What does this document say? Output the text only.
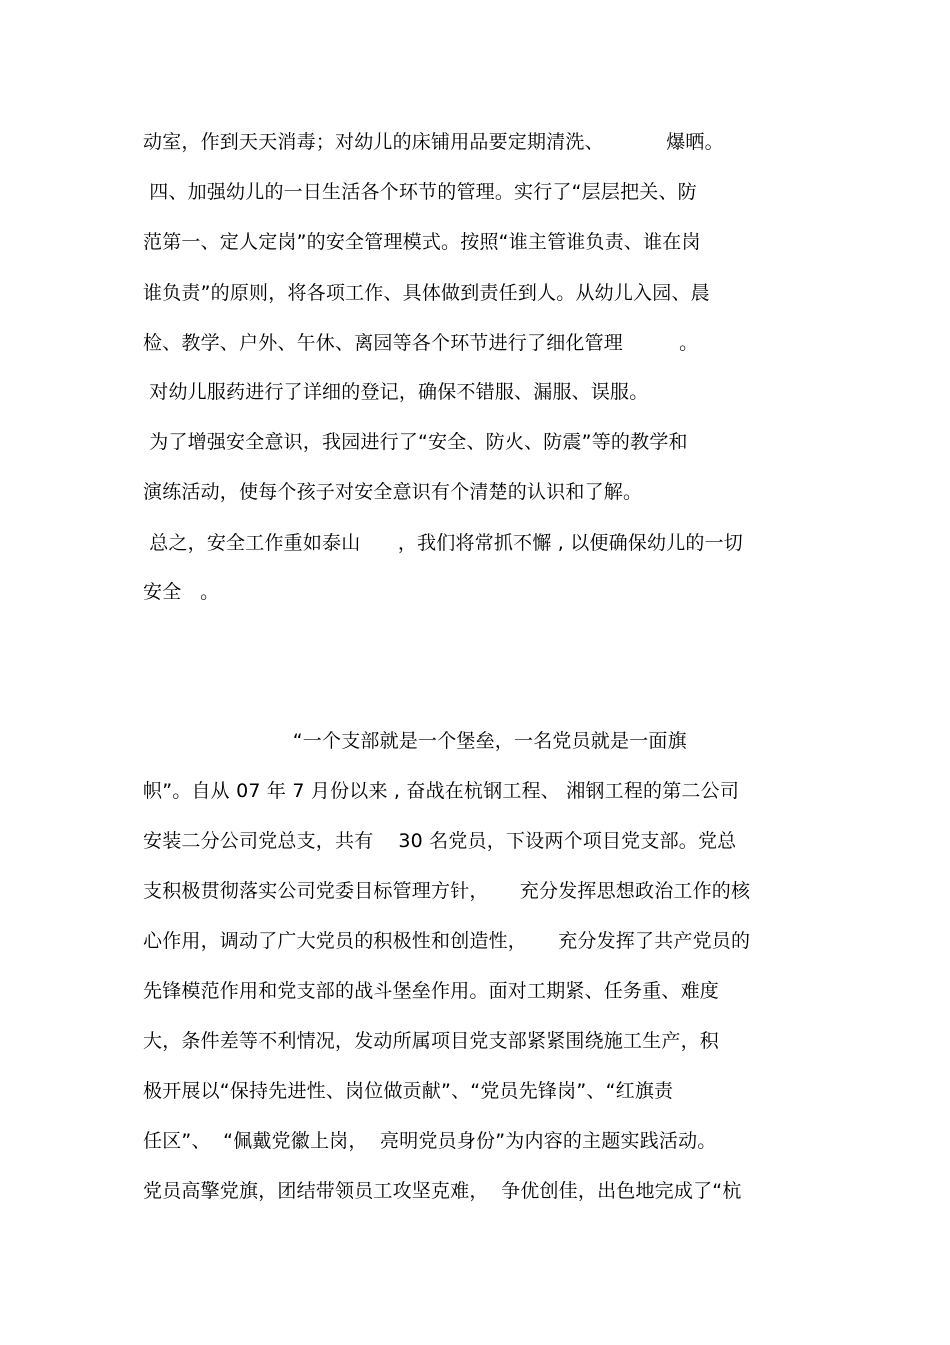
动室，作到天天消毒；对幼儿的床铺用品要定期清洗、          爆晒。
四、加强幼儿的一日生活各个环节的管理。实行了“层层把关、防
范第一、定人定岗”的安全管理模式。按照“谁主管谁负责、谁在岗
谁负责”的原则，将各项工作、具体做到责任到人。从幼儿入园、晨
检、教学、户外、午休、离园等各个环节进行了细化管理         。
对幼儿服药进行了详细的登记，确保不错服、漏服、误服。
为了增强安全意识，我园进行了“安全、防火、防震”等的教学和
演练活动，使每个孩子对安全意识有个清楚的认识和了解。
总之，安全工作重如泰山      ，我们将常抓不懈 , 以便确保幼儿的一切
安全   。
“一个支部就是一个堡垒，一名党员就是一面旗
帜”。自从 07 年 7 月份以来 , 奋战在杭钢工程、 湘钢工程的第二公司
安装二分公司党总支，共有    30 名党员，下设两个项目党支部。党总
支积极贯彻落实公司党委目标管理方针，     充分发挥思想政治工作的核
心作用，调动了广大党员的积极性和创造性，     充分发挥了共产党员的
先锋模范作用和党支部的战斗堡垒作用。面对工期紧、任务重、难度
大，条件差等不利情况，发动所属项目党支部紧紧围绕施工生产，积
极开展以“保持先进性、岗位做贡献”、“党员先锋岗”、“红旗责
任区”、  “佩戴党徽上岗，  亮明党员身份”为内容的主题实践活动。
党员高擎党旗，团结带领员工攻坚克难，  争优创佳，出色地完成了“杭
